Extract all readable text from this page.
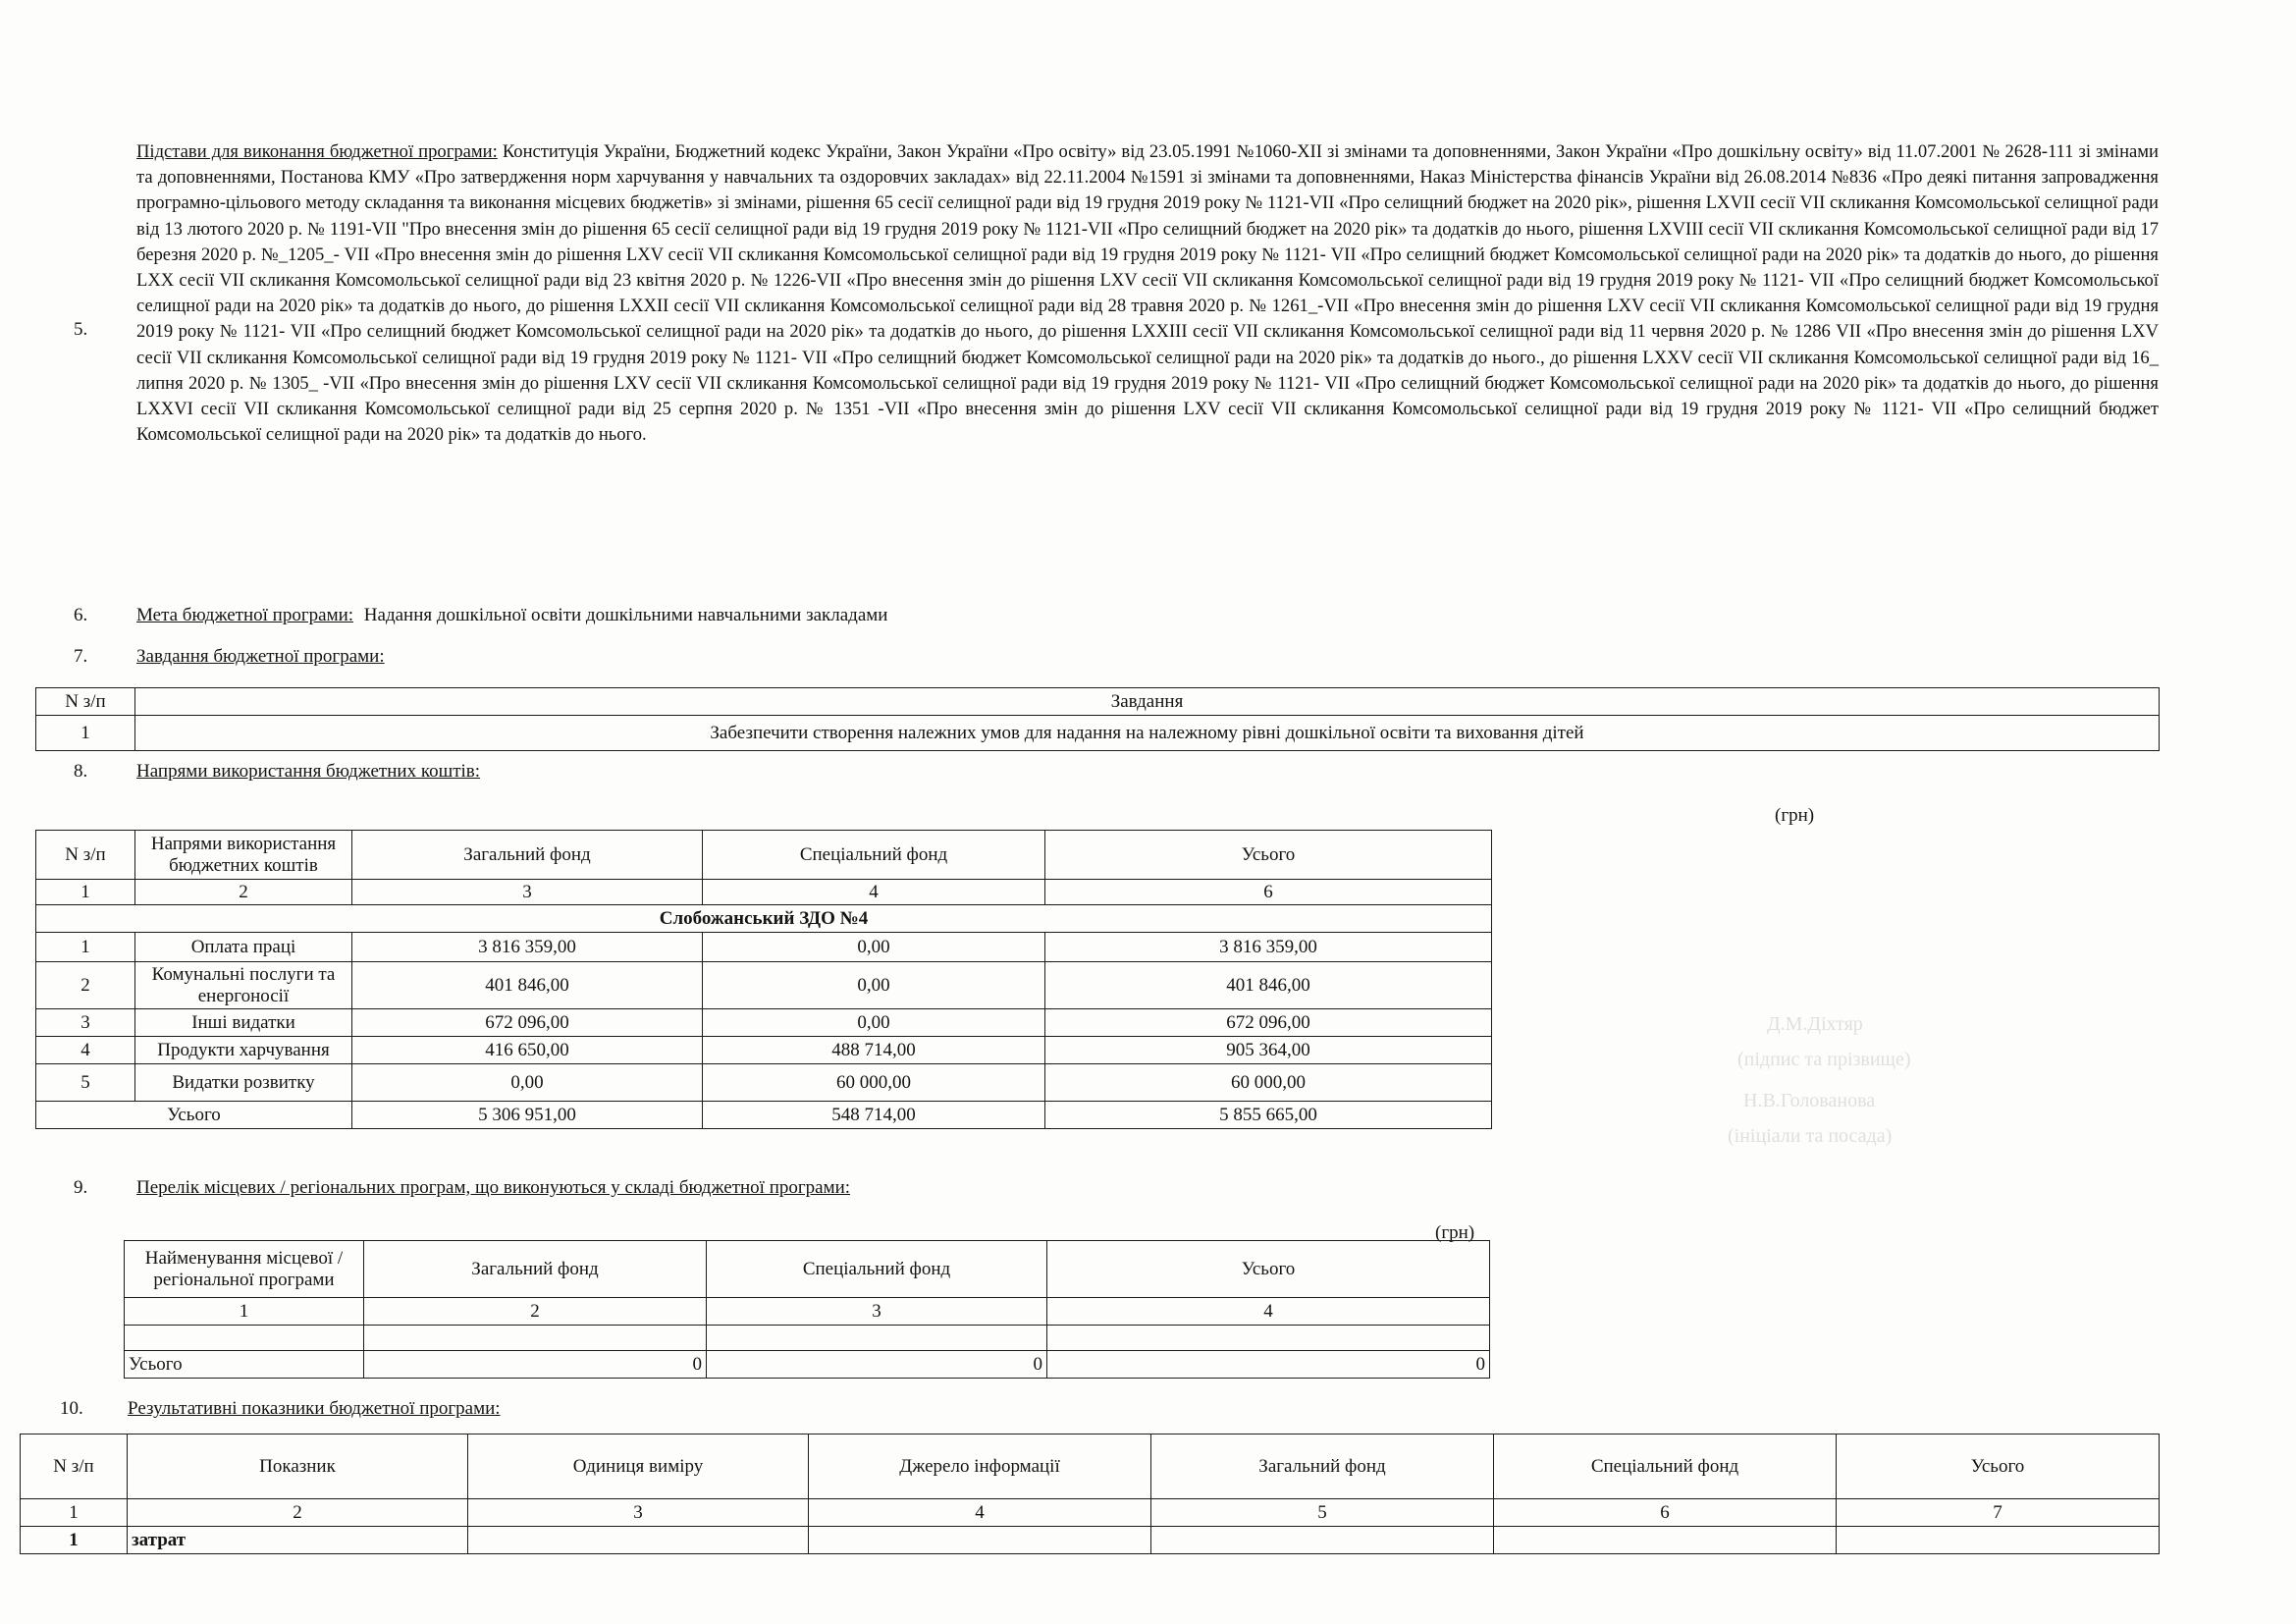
Д.М.Діхтяр
(підпис та прізвище)
Н.В.Голованова
(ініціали та посада)
5.
Підстави для виконання бюджетної програми: Конституція України, Бюджетний кодекс України, Закон України «Про освіту» від 23.05.1991 №1060-XII зі змінами та доповненнями, Закон України «Про дошкільну освіту» від 11.07.2001 № 2628-111 зі змінами та доповненнями, Постанова КМУ «Про затвердження норм харчування у навчальних та оздоровчих закладах» від 22.11.2004 №1591 зі змінами та доповненнями, Наказ Міністерства фінансів України від 26.08.2014 №836 «Про деякі питання запровадження програмно-цільового методу складання та виконання місцевих бюджетів» зі змінами, рішення 65 сесії селищної ради від 19 грудня 2019 року № 1121-VII «Про селищний бюджет на 2020 рік», рішення LXVII сесії VII скликання Комсомольської селищної ради від 13 лютого 2020 р. № 1191-VII "Про внесення змін до рішення 65 сесії селищної ради від 19 грудня 2019 року № 1121-VII «Про селищний бюджет на 2020 рік» та додатків до нього, рішення LXVIII сесії VII скликання Комсомольської селищної ради від 17 березня 2020 р. №_1205_- VII «Про внесення змін до рішення LXV сесії VII скликання Комсомольської селищної ради від 19 грудня 2019 року № 1121- VII «Про селищний бюджет Комсомольської селищної ради на 2020 рік» та додатків до нього, до рішення LXX сесії VII скликання Комсомольської селищної ради від 23 квітня 2020 р. № 1226-VII «Про внесення змін до рішення LXV сесії VII скликання Комсомольської селищної ради від 19 грудня 2019 року № 1121- VII «Про селищний бюджет Комсомольської селищної ради на 2020 рік» та додатків до нього, до рішення LXXII сесії VII скликання Комсомольської селищної ради від 28 травня 2020 р. № 1261_-VII «Про внесення змін до рішення LXV сесії VII скликання Комсомольської селищної ради від 19 грудня 2019 року № 1121- VII «Про селищний бюджет Комсомольської селищної ради на 2020 рік» та додатків до нього, до рішення LXXIII сесії VII скликання Комсомольської селищної ради від 11 червня 2020 р. № 1286 VII «Про внесення змін до рішення LXV сесії VII скликання Комсомольської селищної ради від 19 грудня 2019 року № 1121- VII «Про селищний бюджет Комсомольської селищної ради на 2020 рік» та додатків до нього., до рішення LXXV сесії VII скликання Комсомольської селищної ради від 16_ липня 2020 р. № 1305_ -VII «Про внесення змін до рішення LXV сесії VII скликання Комсомольської селищної ради від 19 грудня 2019 року № 1121- VII «Про селищний бюджет Комсомольської селищної ради на 2020 рік» та додатків до нього, до рішення LXXVI сесії VII скликання Комсомольської селищної ради від 25 серпня 2020 р. № 1351 -VII «Про внесення змін до рішення LXV сесії VII скликання Комсомольської селищної ради від 19 грудня 2019 року № 1121- VII «Про селищний бюджет Комсомольської селищної ради на 2020 рік» та додатків до нього.
6.	Мета бюджетної програми: Надання дошкільної освіти дошкільними навчальними закладами
7.	Завдання бюджетної програми:
N з/п	Завдання
1	Забезпечити створення належних умов для надання на належному рівні дошкільної освіти та виховання дітей
8.	Напрями використання бюджетних коштів:
(грн)
N з/п	Напрями використання бюджетних коштів	Загальний фонд	Спеціальний фонд	Усього
1	2	3	4	6
Слобожанський ЗДО №4				
1	Оплата праці	3 816 359,00	0,00	3 816 359,00
2	Комунальні послуги та енергоносії	401 846,00	0,00	401 846,00
3	Інші видатки	672 096,00	0,00	672 096,00
4	Продукти харчування	416 650,00	488 714,00	905 364,00
5	Видатки розвитку	0,00	60 000,00	60 000,00
Усього		5 306 951,00	548 714,00	5 855 665,00
9.	Перелік місцевих / регіональних програм, що виконуються у складі бюджетної програми:
(грн)
Найменування місцевої / регіональної програми	Загальний фонд	Спеціальний фонд	Усього
1	2	3	4

Усього	0	0	0
10. Результативні показники бюджетної програми:
N з/п	Показник	Одиниця виміру	Джерело інформації	Загальний фонд	Спеціальний фонд	Усього
1	2	3	4	5	6	7
1	затрат					
